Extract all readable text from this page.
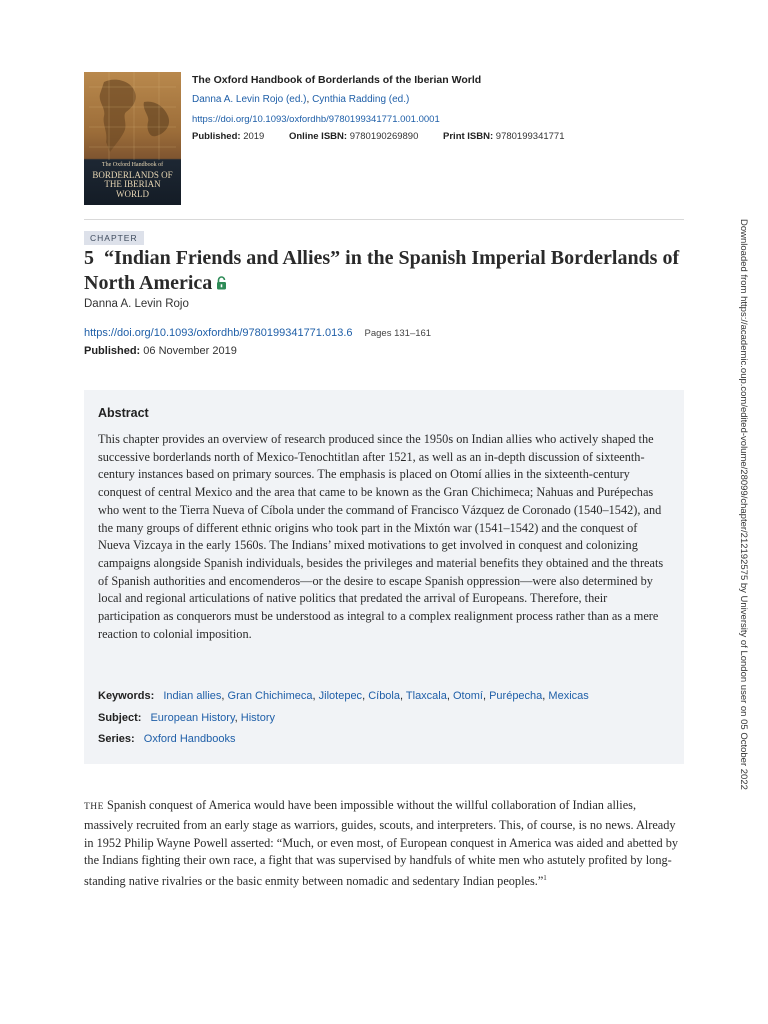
The Oxford Handbook of
BORDERLANDS OF
THE IBERIAN WORLD
The Oxford Handbook of Borderlands of the Iberian World
Danna A. Levin Rojo (ed.), Cynthia Radding (ed.)
https://doi.org/10.1093/oxfordhb/9780199341771.001.0001
Published: 2019	Online ISBN: 9780190269890	Print ISBN: 9780199341771
CHAPTER
5 “Indian Friends and Allies” in the Spanish Imperial Borderlands of North America
Danna A. Levin Rojo
https://doi.org/10.1093/oxfordhb/9780199341771.013.6 Pages 131–161
Published: 06 November 2019
Abstract

This chapter provides an overview of research produced since the 1950s on Indian allies who actively shaped the successive borderlands north of Mexico-Tenochtitlan after 1521, as well as an in-depth discussion of sixteenth-century instances based on primary sources. The emphasis is placed on Otomí allies in the sixteenth-century conquest of central Mexico and the area that came to be known as the Gran Chichimeca; Nahuas and Purépechas who went to the Tierra Nueva of Cíbola under the command of Francisco Vázquez de Coronado (1540–1542), and the many groups of different ethnic origins who took part in the Mixtón war (1541–1542) and the conquest of Nueva Vizcaya in the early 1560s. The Indians’ mixed motivations to get involved in conquest and colonizing campaigns alongside Spanish individuals, besides the privileges and material benefits they obtained and the threats of Spanish authorities and encomenderos—or the desire to escape Spanish oppression—were also determined by local and regional articulations of native politics that predated the arrival of Europeans. Therefore, their participation as conquerors must be understood as integral to a complex realignment process rather than as a mere reaction to colonial imposition.

Keywords: Indian allies, Gran Chichimeca, Jilotepec, Cíbola, Tlaxcala, Otomí, Purépecha, Mexicas
Subject: European History, History
Series: Oxford Handbooks

THE Spanish conquest of America would have been impossible without the willful collaboration of Indian allies, massively recruited from an early stage as warriors, guides, scouts, and interpreters. This, of course, is no news. Already in 1952 Philip Wayne Powell asserted: “Much, or even most, of European conquest in America was aided and abetted by the Indians fighting their own race, a fight that was supervised by handfuls of white men who astutely profited by long-standing native rivalries or the basic enmity between nomadic and sedentary Indian peoples.”$^1$

Downloaded from https://academic.oup.com/edited-volume/28099/chapter/212192575 by University of London user on 05 October 2022
